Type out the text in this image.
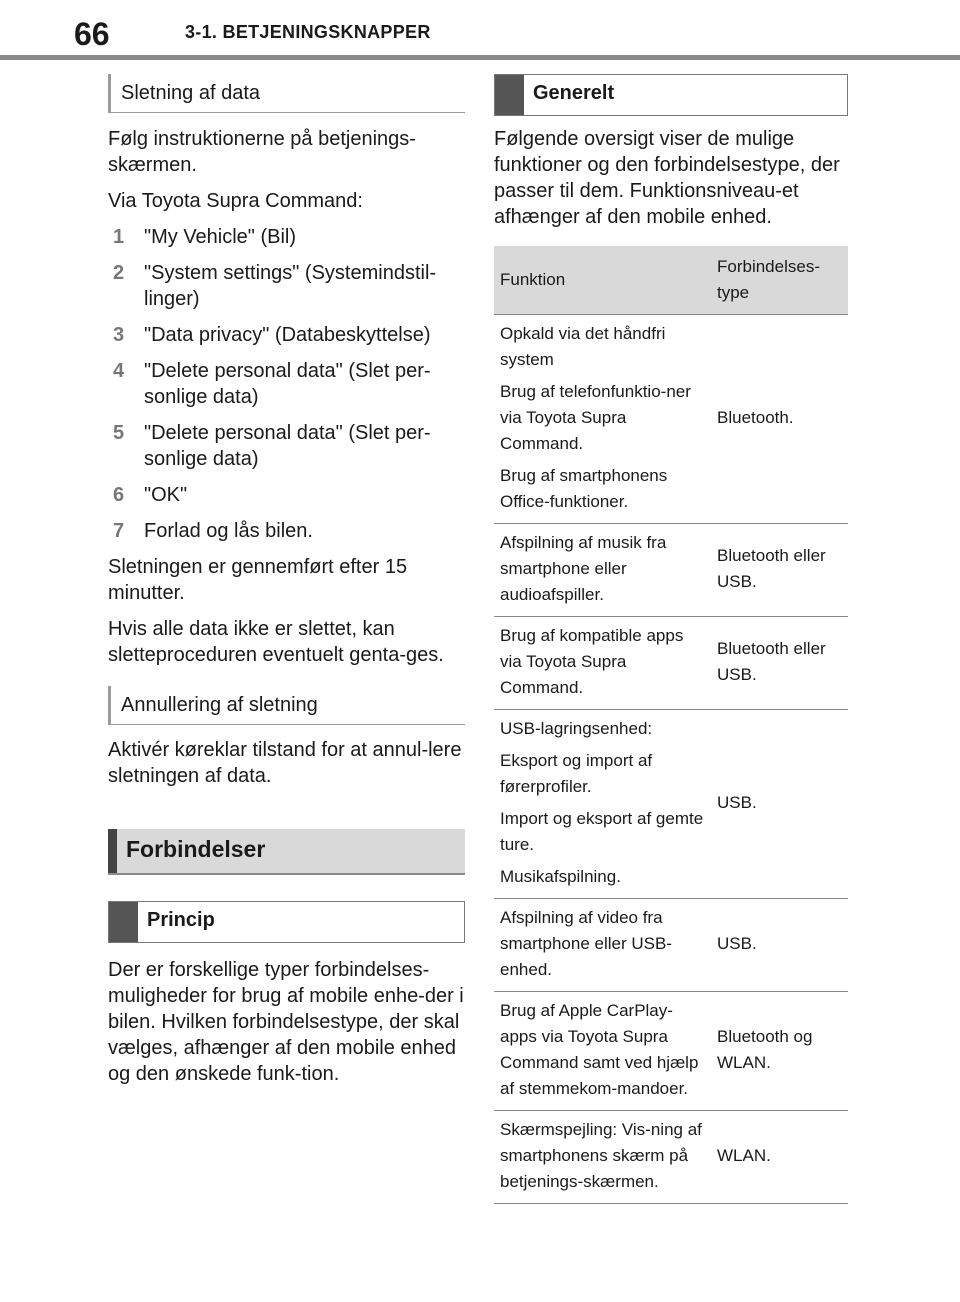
66	3-1. BETJENINGSKNAPPER
Sletning af data

Følg instruktionerne på betjenings-skærmen.

Via Toyota Supra Command:

1 "My Vehicle" (Bil)
2 "System settings" (Systemindstil-linger)
3 "Data privacy" (Databeskyttelse)
4 "Delete personal data" (Slet per-sonlige data)
5 "Delete personal data" (Slet per-sonlige data)
6 "OK"
7 Forlad og lås bilen.

Sletningen er gennemført efter 15 minutter.

Hvis alle data ikke er slettet, kan sletteproceduren eventuelt genta-ges.

Annullering af sletning

Aktivér køreklar tilstand for at annul-lere sletningen af data.

Forbindelser
Princip

Der er forskellige typer forbindelses-muligheder for brug af mobile enhe-der i bilen. Hvilken forbindelsestype, der skal vælges, afhænger af den mobile enhed og den ønskede funk-tion.

Generelt

Følgende oversigt viser de mulige funktioner og den forbindelsestype, der passer til dem. Funktionsniveau-et afhænger af den mobile enhed.

Funktion	Forbindelses-type

Opkald via det håndfri system
Brug af telefonfunktio-ner via Toyota Supra Command.
Brug af smartphonens Office-funktioner.	Bluetooth.

Afspilning af musik fra smartphone eller audioafspiller.	Bluetooth eller USB.

Brug af kompatible apps via Toyota Supra Command.	Bluetooth eller USB.

USB-lagringsenhed:
Eksport og import af førerprofiler.
Import og eksport af gemte ture.
Musikafspilning.	USB.

Afspilning af video fra smartphone eller USB-enhed.	USB.

Brug af Apple CarPlay-apps via Toyota Supra Command samt ved hjælp af stemmekom-mandoer.	Bluetooth og WLAN.

Skærmspejling: Vis-ning af smartphonens skærm på betjenings-skærmen.	WLAN.
